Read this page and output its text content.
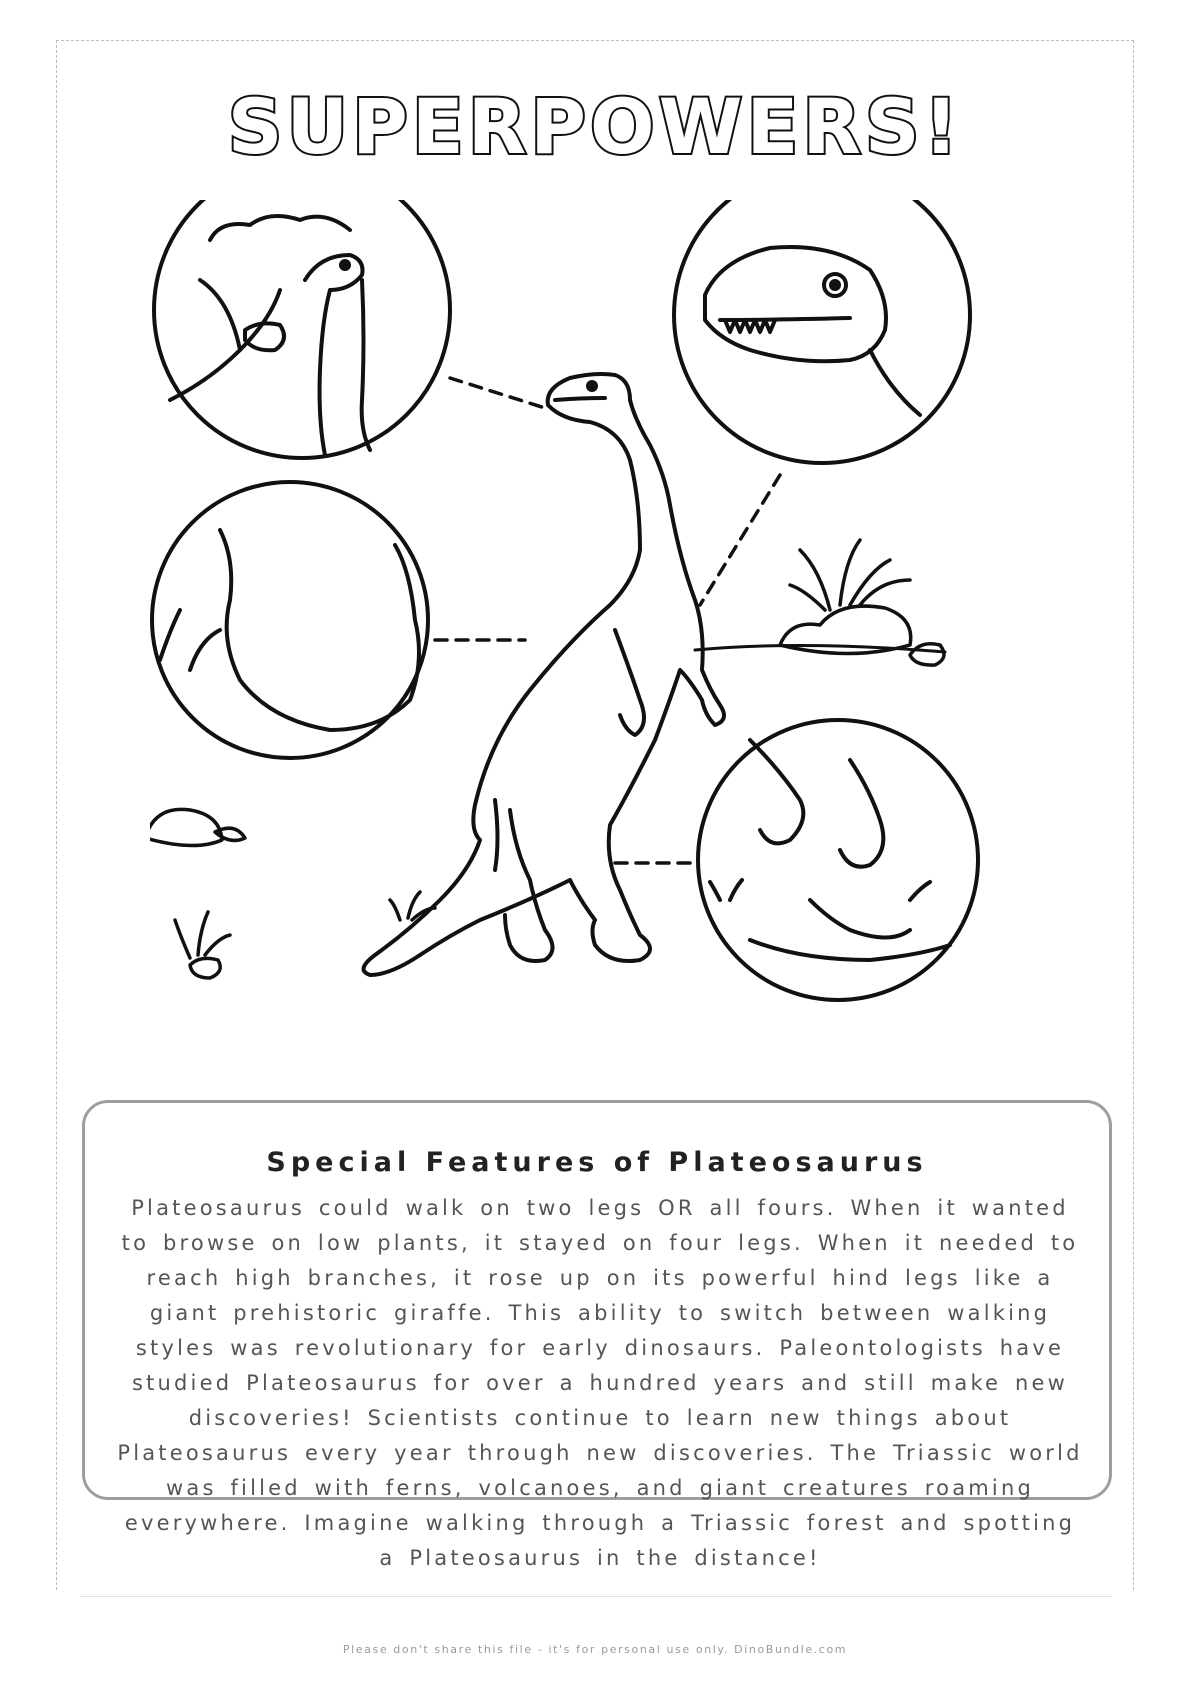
SUPERPOWERS!
Special Features of Plateosaurus
Plateosaurus could walk on two legs OR all fours. When it wanted to browse on low plants, it stayed on four legs. When it needed to reach high branches, it rose up on its powerful hind legs like a giant prehistoric giraffe. This ability to switch between walking styles was revolutionary for early dinosaurs. Paleontologists have studied Plateosaurus for over a hundred years and still make new discoveries! Scientists continue to learn new things about Plateosaurus every year through new discoveries. The Triassic world was filled with ferns, volcanoes, and giant creatures roaming everywhere. Imagine walking through a Triassic forest and spotting a Plateosaurus in the distance!
Please don't share this file - it's for personal use only. DinoBundle.com
